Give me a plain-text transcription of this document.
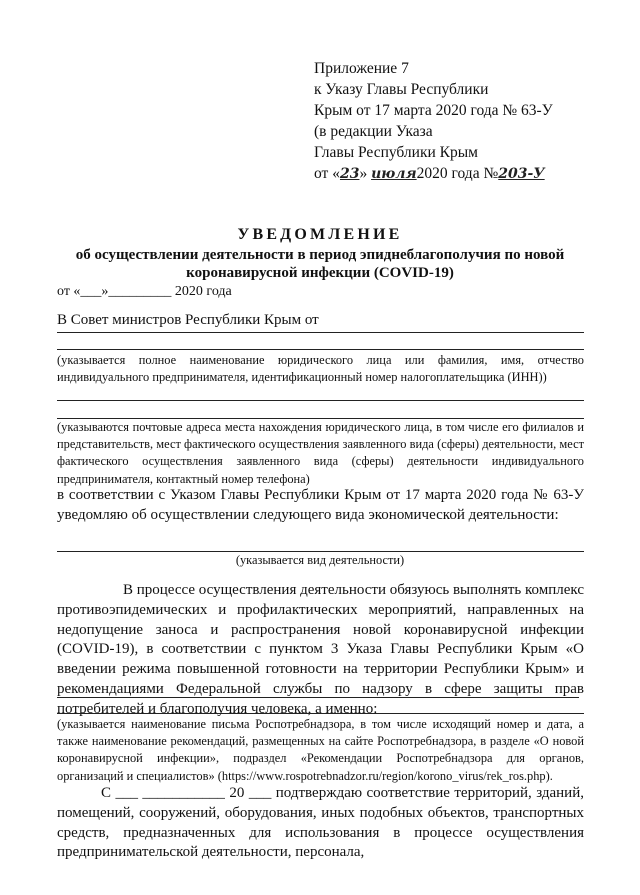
Приложение 7
к Указу Главы Республики
Крым от 17 марта 2020 года № 63-У
(в редакции Указа
Главы Республики Крым
от «23» июля2020 года №203-У
УВЕДОМЛЕНИЕ
об осуществлении деятельности в период эпиднеблагополучия по новой
коронавирусной инфекции (COVID-19)
от «___»_________ 2020 года
В Совет министров Республики Крым от
(указывается полное наименование юридического лица или фамилия, имя, отчество индивидуального предпринимателя, идентификационный номер налогоплательщика (ИНН))
(указываются почтовые адреса места нахождения юридического лица, в том числе его филиалов и представительств, мест фактического осуществления заявленного вида (сферы) деятельности, мест фактического осуществления заявленного вида (сферы) деятельности индивидуального предпринимателя, контактный номер телефона)
в соответствии с Указом Главы Республики Крым от 17 марта 2020 года № 63-У уведомляю об осуществлении следующего вида экономической деятельности:
(указывается вид деятельности)
В процессе осуществления деятельности обязуюсь выполнять комплекс противоэпидемических и профилактических мероприятий, направленных на недопущение заноса и распространения новой коронавирусной инфекции (COVID-19), в соответствии с пунктом 3 Указа Главы Республики Крым «О введении режима повышенной готовности на территории Республики Крым» и рекомендациями Федеральной службы по надзору в сфере защиты прав потребителей и благополучия человека, а именно:
(указывается наименование письма Роспотребнадзора, в том числе исходящий номер и дата, а также наименование рекомендаций, размещенных на сайте Роспотребнадзора, в разделе «О новой коронавирусной инфекции», подраздел «Рекомендации Роспотребнадзора для органов, организаций и специалистов» (https://www.rospotrebnadzor.ru/region/korono_virus/rek_ros.php).
С ___ ___________ 20 ___ подтверждаю соответствие территорий, зданий, помещений, сооружений, оборудования, иных подобных объектов, транспортных средств, предназначенных для использования в процессе осуществления предпринимательской деятельности, персонала,
